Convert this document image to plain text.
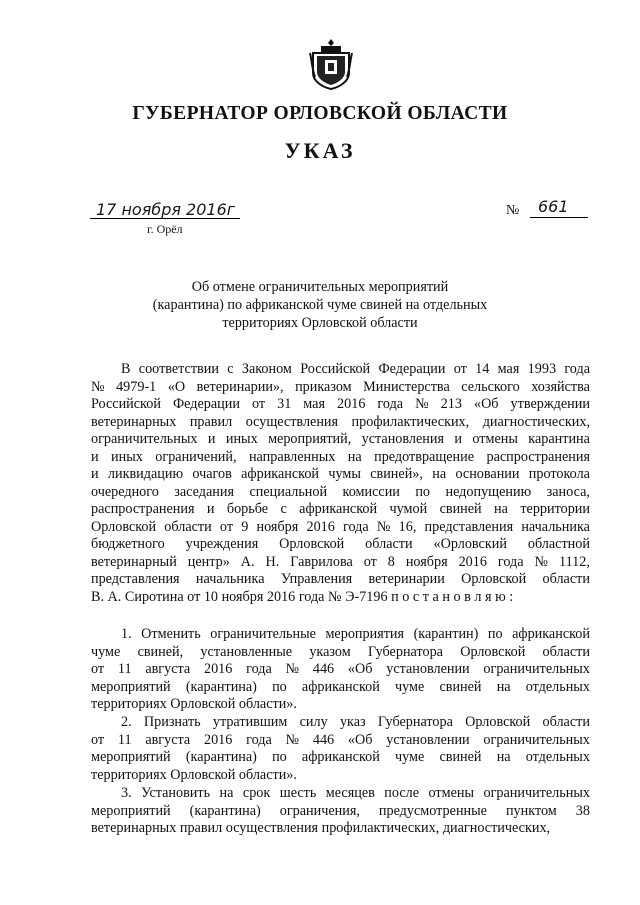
ГУБЕРНАТОР ОРЛОВСКОЙ ОБЛАСТИ
УКАЗ
17 ноября 2016г
г. Орёл
№ 661
Об отмене ограничительных мероприятий
(карантина) по африканской чуме свиней на отдельных
территориях Орловской области
В соответствии с Законом Российской Федерации от 14 мая 1993 года
№ 4979-1 «О ветеринарии», приказом Министерства сельского хозяйства
Российской Федерации от 31 мая 2016 года № 213 «Об утверждении
ветеринарных правил осуществления профилактических, диагностических,
ограничительных и иных мероприятий, установления и отмены карантина
и иных ограничений, направленных на предотвращение распространения
и ликвидацию очагов африканской чумы свиней», на основании протокола
очередного заседания специальной комиссии по недопущению заноса,
распространения и борьбе с африканской чумой свиней на территории
Орловской области от 9 ноября 2016 года № 16, представления начальника
бюджетного учреждения Орловской области «Орловский областной
ветеринарный центр» А. Н. Гаврилова от 8 ноября 2016 года № 1112,
представления начальника Управления ветеринарии Орловской области
В. А. Сиротина от 10 ноября 2016 года № Э-7196 п о с т а н о в л я ю :
1. Отменить ограничительные мероприятия (карантин) по африканской
чуме свиней, установленные указом Губернатора Орловской области
от 11 августа 2016 года № 446 «Об установлении ограничительных
мероприятий (карантина) по африканской чуме свиней на отдельных
территориях Орловской области».
2. Признать утратившим силу указ Губернатора Орловской области
от 11 августа 2016 года № 446 «Об установлении ограничительных
мероприятий (карантина) по африканской чуме свиней на отдельных
территориях Орловской области».
3. Установить на срок шесть месяцев после отмены ограничительных
мероприятий (карантина) ограничения, предусмотренные пунктом 38
ветеринарных правил осуществления профилактических, диагностических,
